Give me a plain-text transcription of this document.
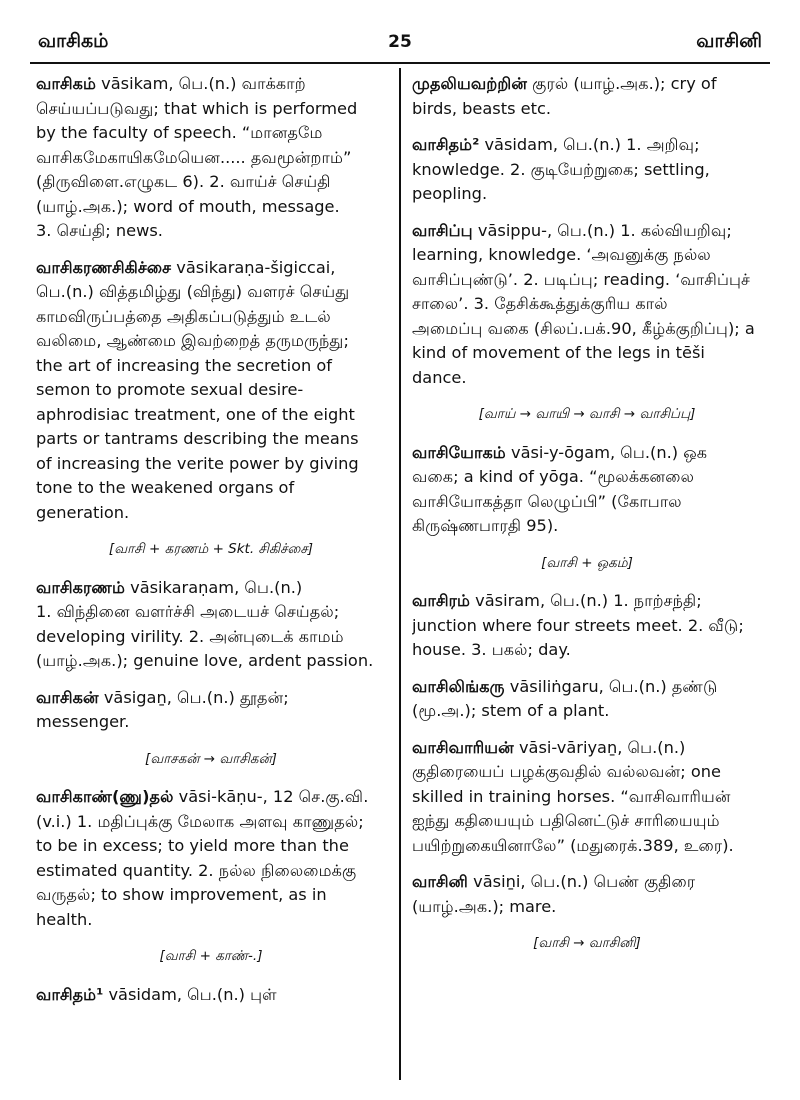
வாசிகம்	25	வாசினி
வாசிகம் vāsikam, பெ.(n.) வாக்காற்
செய்யப்படுவது; that which is performed
by the faculty of speech. “மானதமே
வாசிகமேகாயிகமேயென..... தவமூன்றாம்”
(திருவிளை.எழுகட 6). 2. வாய்ச் செய்தி
(யாழ்.அக.); word of mouth, message.
3. செய்தி; news.
வாசிகரணசிகிச்சை vāsikaraṇa-šigiccai,
பெ.(n.) வித்தமிழ்து (விந்து) வளரச் செய்து
காமவிருப்பத்தை அதிகப்படுத்தும் உடல்
வலிமை, ஆண்மை இவற்றைத் தருமருந்து;
the art of increasing the secretion of
semon to promote sexual desire-
aphrodisiac treatment, one of the eight
parts or tantrams describing the means
of increasing the verite power by giving
tone to the weakened organs of
generation.
[வாசி + கரணம் + Skt. சிகிச்சை]
வாசிகரணம் vāsikaraṇam, பெ.(n.)
1. விந்தினை வளர்ச்சி அடையச் செய்தல்;
developing virility. 2. அன்புடைக் காமம்
(யாழ்.அக.); genuine love, ardent passion.
வாசிகன் vāsigaṉ, பெ.(n.) தூதன்;
messenger.
[வாசகன் → வாசிகன்]
வாசிகாண்(ணு)தல் vāsi-kāṇu-, 12 செ.கு.வி.
(v.i.) 1. மதிப்புக்கு மேலாக அளவு காணுதல்;
to be in excess; to yield more than the
estimated quantity. 2. நல்ல நிலைமைக்கு
வருதல்; to show improvement, as in
health.
[வாசி + காண்-.]
வாசிதம்¹ vāsidam, பெ.(n.) புள்
முதலியவற்றின் குரல் (யாழ்.அக.); cry of
birds, beasts etc.
வாசிதம்² vāsidam, பெ.(n.) 1. அறிவு;
knowledge. 2. குடியேற்றுகை; settling,
peopling.
வாசிப்பு vāsippu-, பெ.(n.) 1. கல்வியறிவு;
learning, knowledge. ‘அவனுக்கு நல்ல
வாசிப்புண்டு’. 2. படிப்பு; reading. ‘வாசிப்புச்
சாலை’. 3. தேசிக்கூத்துக்குரிய கால்
அமைப்பு வகை (சிலப்.பக்.90, கீழ்க்குறிப்பு); a
kind of movement of the legs in tēši
dance.
[வாய் → வாயி → வாசி → வாசிப்பு]
வாசியோகம் vāsi-y-ōgam, பெ.(n.) ஒக
வகை; a kind of yōga. “மூலக்கனலை
வாசியோகத்தா லெழுப்பி” (கோபால
கிருஷ்ணபாரதி 95).
[வாசி + ஒகம்]
வாசிரம் vāsiram, பெ.(n.) 1. நாற்சந்தி;
junction where four streets meet. 2. வீடு;
house. 3. பகல்; day.
வாசிலிங்கரு vāsiliṅgaru, பெ.(n.) தண்டு
(மூ.அ.); stem of a plant.
வாசிவாரியன் vāsi-vāriyaṉ, பெ.(n.)
குதிரையைப் பழக்குவதில் வல்லவன்; one
skilled in training horses. “வாசிவாரியன்
ஐந்து கதியையும் பதினெட்டுச் சாரியையும்
பயிற்றுகையினாலே” (மதுரைக்.389, உரை).
வாசினி vāsiṉi, பெ.(n.) பெண் குதிரை
(யாழ்.அக.); mare.
[வாசி → வாசினி]
